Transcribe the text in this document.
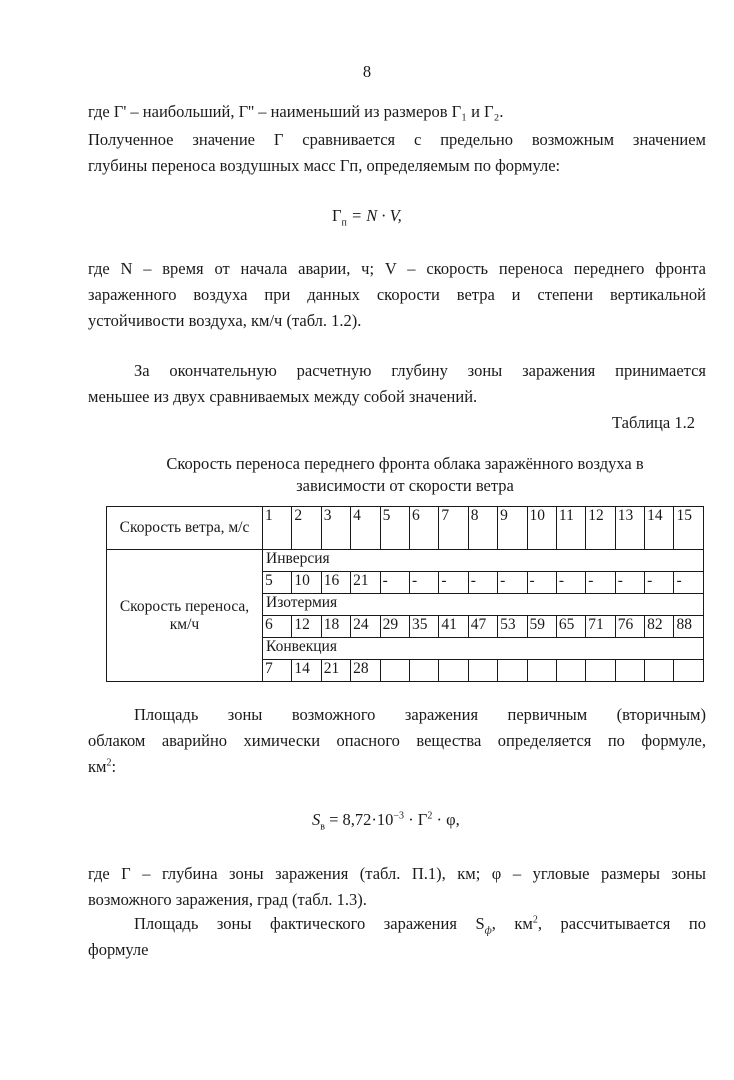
8
где Г' – наибольший, Г'' – наименьший из размеров Г₁ и Г₂.
Полученное значение Г сравнивается с предельно возможным значением
глубины переноса воздушных масс Гп, определяемым по формуле:
$Г_п = N \cdot V$,
где N – время от начала аварии, ч; V – скорость переноса переднего фронта
зараженного воздуха при данных скорости ветра и степени вертикальной
устойчивости воздуха, км/ч (табл. 1.2).
За окончательную расчетную глубину зоны заражения принимается
меньшее из двух сравниваемых между собой значений.
Таблица 1.2
Скорость переноса переднего фронта облака заражённого воздуха в
зависимости от скорости ветра
Скорость ветра, м/с	1	2	3	4	5	6	7	8	9	10	11	12	13	14	15
Скорость переноса, км/ч	Инверсия														
	5	10	16	21	-	-	-	-	-	-	-	-	-	-	-
	Изотермия														
	6	12	18	24	29	35	41	47	53	59	65	71	76	82	88
	Конвекция														
	7	14	21	28											
Площадь зоны возможного заражения первичным (вторичным)
облаком аварийно химически опасного вещества определяется по формуле,
$км^2$:
$S_в = 8,72\cdot 10^{-3} \cdot Г^2 \cdot \varphi$,
где Г – глубина зоны заражения (табл. П.1), км; φ – угловые размеры зоны
возможного заражения, град (табл. 1.3).
Площадь зоны фактического заражения $S_ф$, $км^2$, рассчитывается по
формуле
